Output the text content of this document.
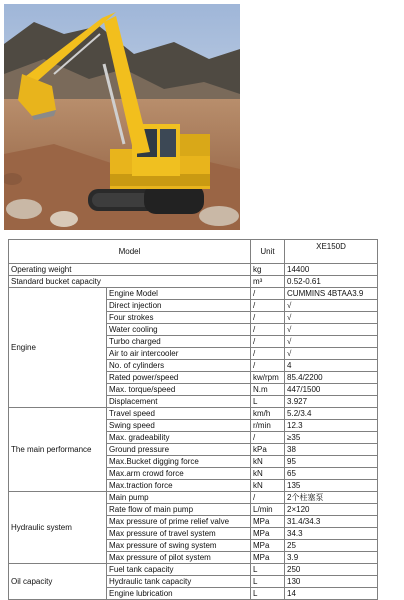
Model		Unit	XE150D
Operating weight		kg	14400
Standard bucket capacity		m³	0.52-0.61
Engine	Engine Model	/	CUMMINS 4BTAA3.9
	Direct injection	/	√
	Four strokes	/	√
	Water cooling	/	√
	Turbo charged	/	√
	Air to air intercooler	/	√
	No. of cylinders	/	4
	Rated power/speed	kw/rpm	85.4/2200
	Max. torque/speed	N.m	447/1500
	Displacement	L	3.927
The main performance	Travel speed	km/h	5.2/3.4
	Swing speed	r/min	12.3
	Max. gradeability	/	≥35
	Ground pressure	kPa	38
	Max.Bucket digging force	kN	95
	Max.arm crowd force	kN	65
	Max.traction force	kN	135
Hydraulic system	Main pump	/	2个柱塞泵
	Rate flow of main pump	L/min	2×120
	Max pressure of prime relief valve	MPa	31.4/34.3
	Max pressure of travel system	MPa	34.3
	Max pressure of swing system	MPa	25
	Max pressure of pilot system	MPa	3.9
Oil capacity	Fuel tank capacity	L	250
	Hydraulic tank capacity	L	130
	Engine lubrication	L	14
